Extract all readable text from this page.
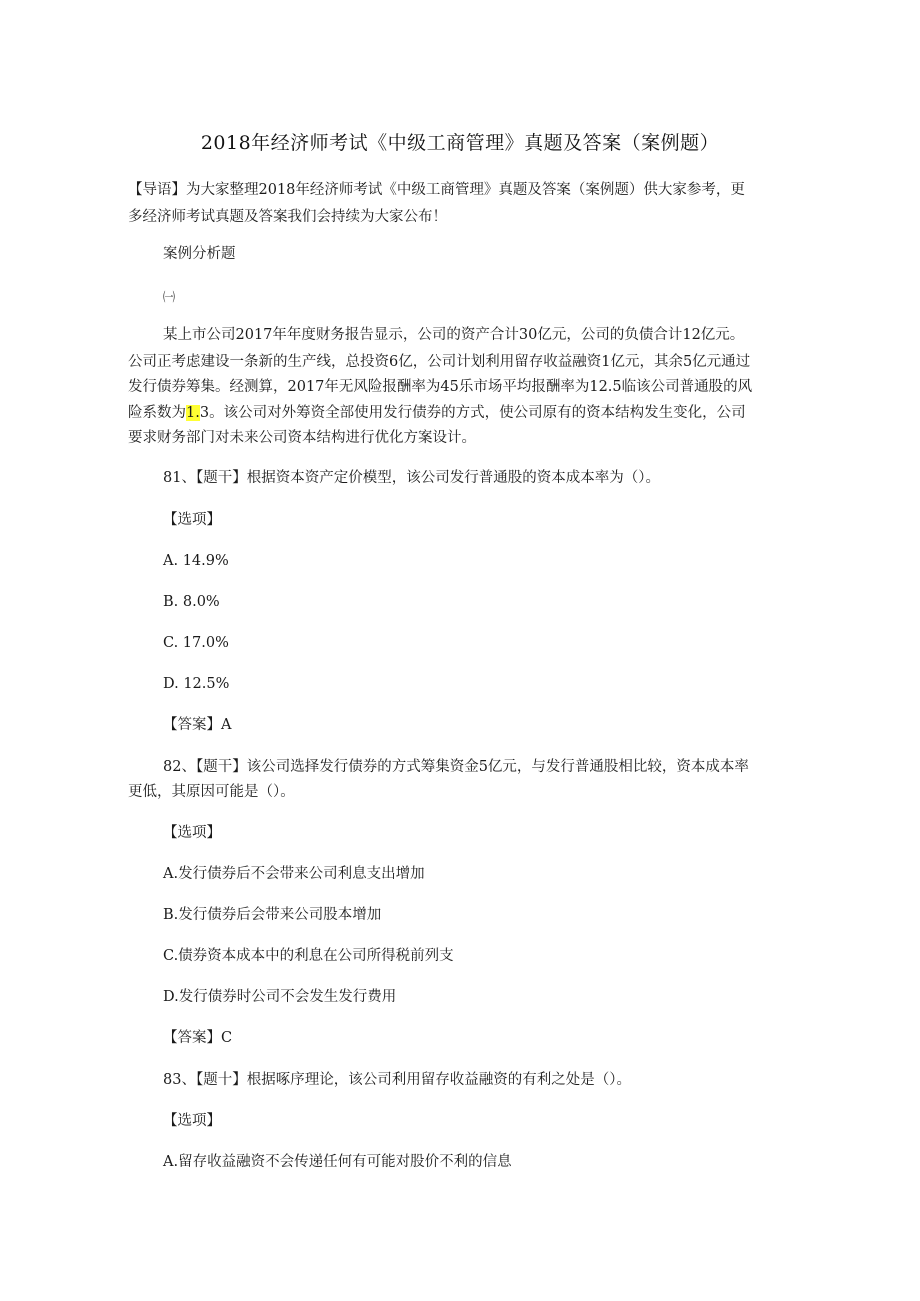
2018年经济师考试《中级工商管理》真题及答案（案例题）
【导语】为大家整理2018年经济师考试《中级工商管理》真题及答案（案例题）供大家参考，更
多经济师考试真题及答案我们会持续为大家公布！
案例分析题
㈠
某上市公司2017年年度财务报告显示，公司的资产合计30亿元，公司的负债合计12亿元。
公司正考虑建设一条新的生产线，总投资6亿，公司计划利用留存收益融资1亿元，其余5亿元通过
发行债券筹集。经测算，2017年无风险报酬率为45乐市场平均报酬率为12.5临该公司普通股的风
险系数为1.3。该公司对外筹资全部使用发行债券的方式，使公司原有的资本结构发生变化，公司
要求财务部门对未来公司资本结构进行优化方案设计。
81、【题干】根据资本资产定价模型，该公司发行普通股的资本成本率为（）。
【选项】
A. 14.9%
B. 8.0%
C. 17.0%
D. 12.5%
【答案】A
82、【题干】该公司选择发行债券的方式筹集资金5亿元，与发行普通股相比较，资本成本率
更低，其原因可能是（）。
【选项】
A.发行债券后不会带来公司利息支出增加
B.发行债券后会带来公司股本增加
C.债券资本成本中的利息在公司所得税前列支
D.发行债券时公司不会发生发行费用
【答案】C
83、【题十】根据啄序理论，该公司利用留存收益融资的有利之处是（）。
【选项】
A.留存收益融资不会传递任何有可能对股价不利的信息
